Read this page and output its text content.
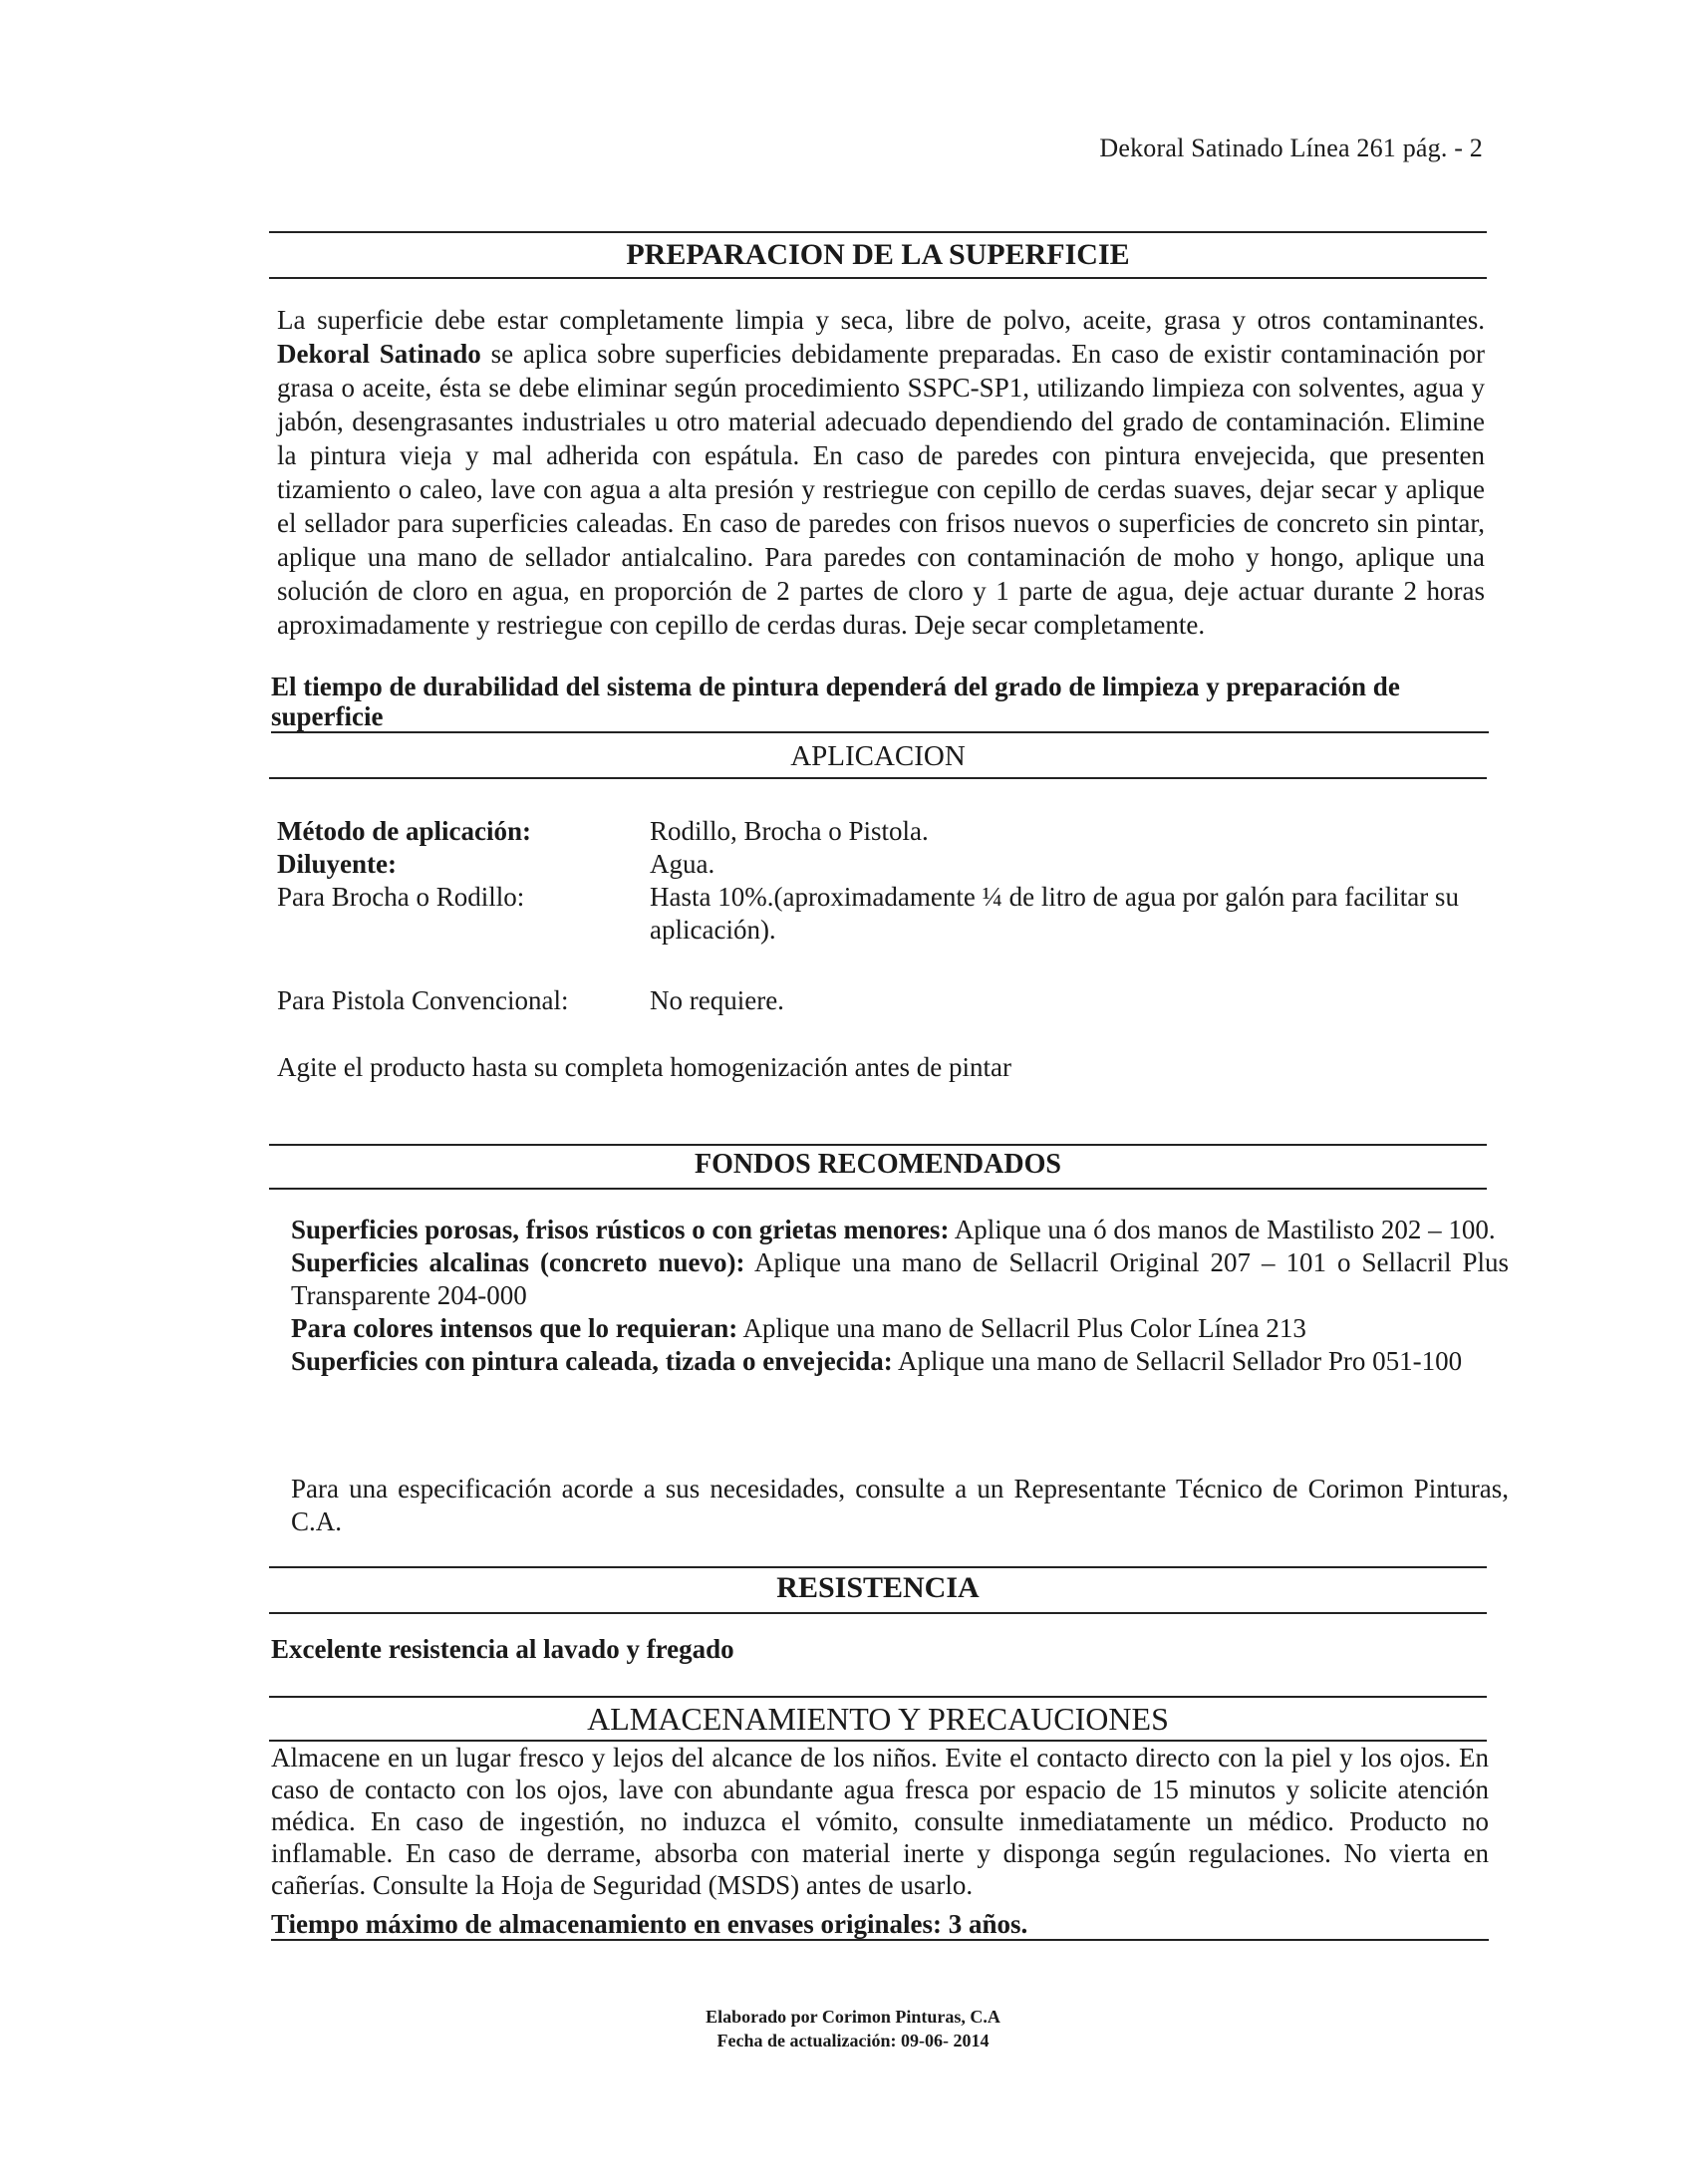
Dekoral Satinado Línea 261 pág. - 2
PREPARACION DE LA SUPERFICIE

La superficie debe estar completamente limpia y seca, libre de polvo, aceite, grasa y otros contaminantes. Dekoral Satinado se aplica sobre superficies debidamente preparadas. En caso de existir contaminación por grasa o aceite, ésta se debe eliminar según procedimiento SSPC-SP1, utilizando limpieza con solventes, agua y jabón, desengrasantes industriales u otro material adecuado dependiendo del grado de contaminación. Elimine la pintura vieja y mal adherida con espátula. En caso de paredes con pintura envejecida, que presenten tizamiento o caleo, lave con agua a alta presión y restriegue con cepillo de cerdas suaves, dejar secar y aplique el sellador para superficies caleadas. En caso de paredes con frisos nuevos o superficies de concreto sin pintar, aplique una mano de sellador antialcalino. Para paredes con contaminación de moho y hongo, aplique una solución de cloro en agua, en proporción de 2 partes de cloro y 1 parte de agua, deje actuar durante 2 horas aproximadamente y restriegue con cepillo de cerdas duras. Deje secar completamente.

El tiempo de durabilidad del sistema de pintura dependerá del grado de limpieza y preparación de superficie

APLICACION
Método de aplicación:	Rodillo, Brocha o Pistola.
Diluyente:	Agua.
Para Brocha o Rodillo:	Hasta 10%.(aproximadamente ¼ de litro de agua por galón para facilitar su aplicación).
Para Pistola Convencional:	No requiere.

Agite el producto hasta su completa homogenización antes de pintar

FONDOS RECOMENDADOS

Superficies porosas, frisos rústicos o con grietas menores: Aplique una ó dos manos de Mastilisto 202 – 100.

Superficies alcalinas (concreto nuevo): Aplique una mano de Sellacril Original 207 – 101 o Sellacril Plus Transparente 204-000

Para colores intensos que lo requieran: Aplique una mano de Sellacril Plus Color Línea 213

Superficies con pintura caleada, tizada o envejecida: Aplique una mano de Sellacril Sellador Pro 051-100

Para una especificación acorde a sus necesidades, consulte a un Representante Técnico de Corimon Pinturas, C.A.

RESISTENCIA

Excelente resistencia al lavado y fregado

ALMACENAMIENTO Y PRECAUCIONES

Almacene en un lugar fresco y lejos del alcance de los niños. Evite el contacto directo con la piel y los ojos. En caso de contacto con los ojos, lave con abundante agua fresca por espacio de 15 minutos y solicite atención médica. En caso de ingestión, no induzca el vómito, consulte inmediatamente un médico. Producto no inflamable. En caso de derrame, absorba con material inerte y disponga según regulaciones. No vierta en cañerías. Consulte la Hoja de Seguridad (MSDS) antes de usarlo.

Tiempo máximo de almacenamiento en envases originales: 3 años.

Elaborado por Corimon Pinturas, C.A
Fecha de actualización: 09-06- 2014
